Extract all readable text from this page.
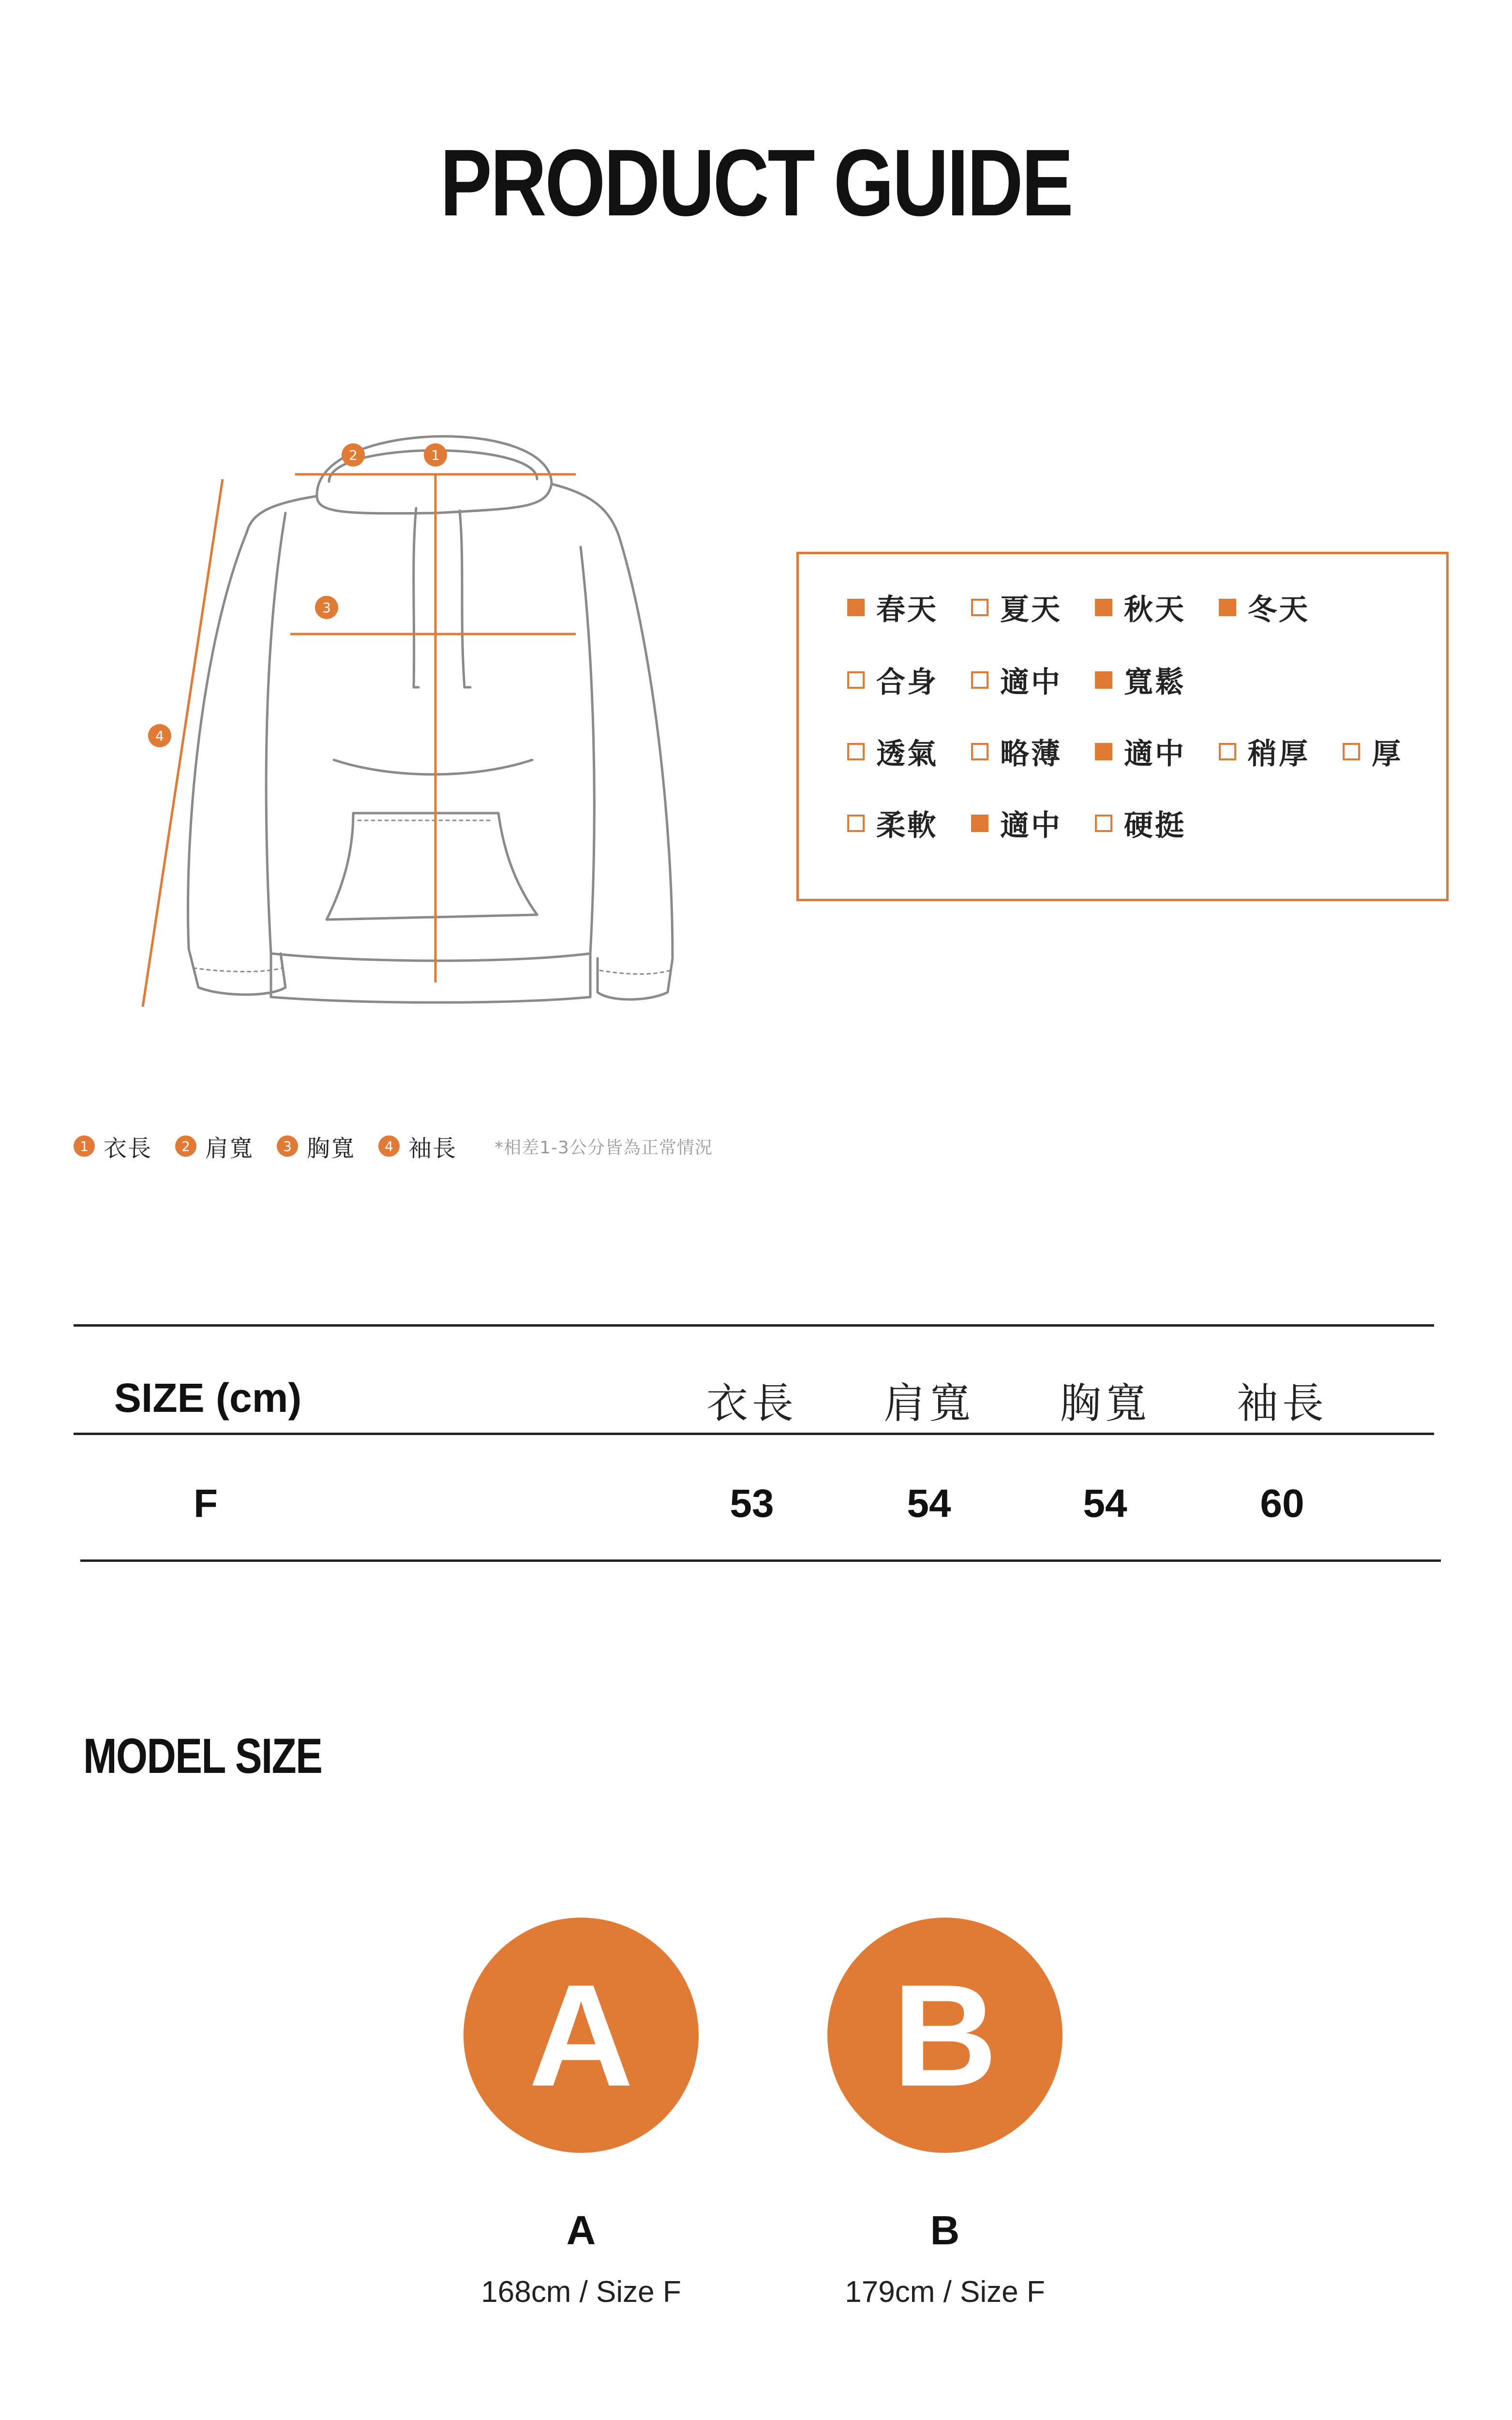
PRODUCT GUIDE
2	1
3
4
春天 夏天 秋天 冬天
合身 適中 寬鬆
透氣 略薄 適中 稍厚 厚
柔軟 適中 硬挺
1 衣長	2 肩寬	3 胸寬	4 袖長 *相差1-3公分皆為正常情況
SIZE (cm)	衣長	肩寬	胸寬	袖長
F	53	54	54	60
MODEL SIZE
A	B
A	B
168cm / Size F	179cm / Size F
